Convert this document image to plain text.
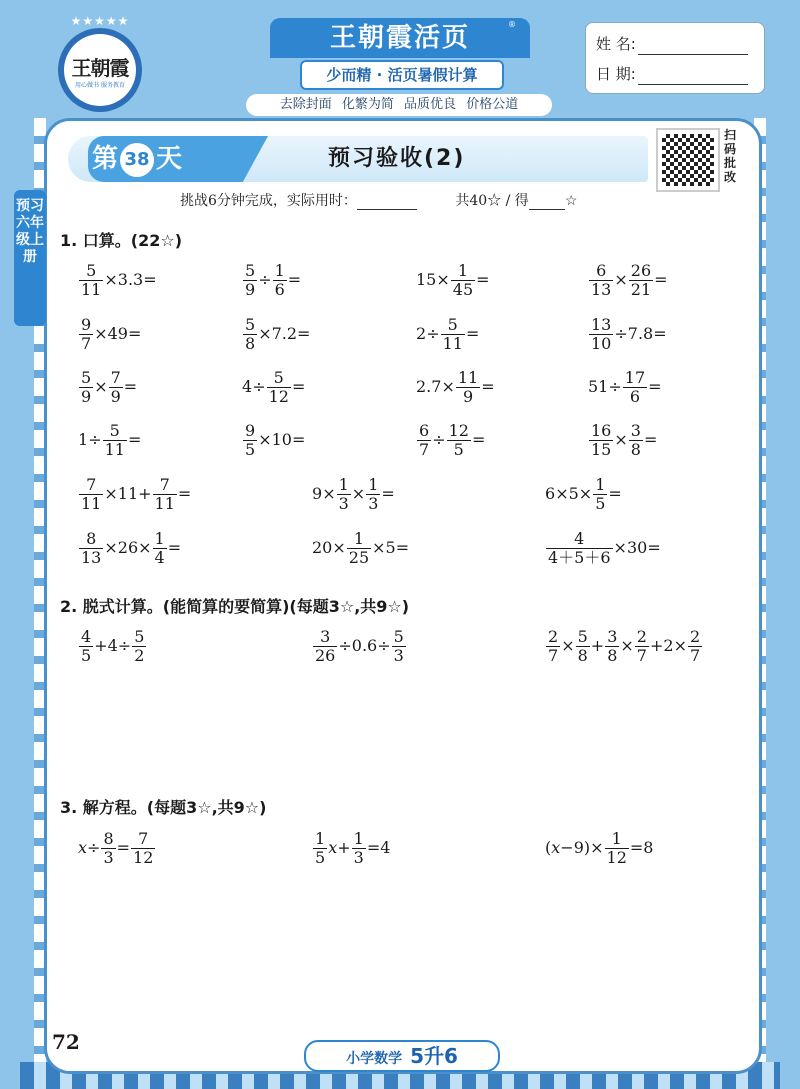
★★★★★
王朝霞
用心做书 服务教育
王朝霞活页	®
少而精 · 活页暑假计算
去除封面 化繁为简 品质优良 价格公道
姓 名:
日 期:
第 38 天	预习验收(2)
扫码批改
预习六年级上册
挑战6分钟完成，实际用时：	共40☆ / 得	☆
1. 口算。(22☆)
$\frac{5}{11} \times 3.3=$	$\frac{5}{9} \div \frac{1}{6}$ =	$15\times \frac{1}{45}$ =	$\frac{6}{13} \times \frac{26}{21}$ =
$\frac{9}{7} \times 49=$	$\frac{5}{8} \times 7.2=$	$2\div \frac{5}{11}$ =	$\frac{13}{10} \div 7.8=$
$\frac{5}{9} \times \frac{7}{9}$ =	$4\div \frac{5}{12}$ =	$2.7\times \frac{11}{9}$ =	$51\div \frac{17}{6}$ =
$1\div \frac{5}{11}$ =	$\frac{9}{5} \times 10=$	$\frac{6}{7} \div \frac{12}{5}$ =	$\frac{16}{15} \times \frac{3}{8}$ =
$\frac{7}{11} \times 11+ \frac{7}{11}$ =	$9\times \frac{1}{3} \times \frac{1}{3}$ =	$6\times 5\times \frac{1}{5}$ =
$\frac{8}{13} \times 26\times \frac{1}{4}$ =	$20\times \frac{1}{25} \times 5=$	$\frac{4}{4+5+6} \times 30=$
2. 脱式计算。(能简算的要简算)(每题3☆,共9☆)
$\frac{4}{5} +4\div \frac{5}{2}$	$\frac{3}{26} \div 0.6\div \frac{5}{3}$	$\frac{2}{7} \times \frac{5}{8} + \frac{3}{8} \times \frac{2}{7} +2\times \frac{2}{7}$
3. 解方程。(每题3☆,共9☆)
$x\div \frac{8}{3} = \frac{7}{12}$	$\frac{1}{5} x+ \frac{1}{3} =4$	$(x-9)\times \frac{1}{12} =8$
72
小学数学 5升6
